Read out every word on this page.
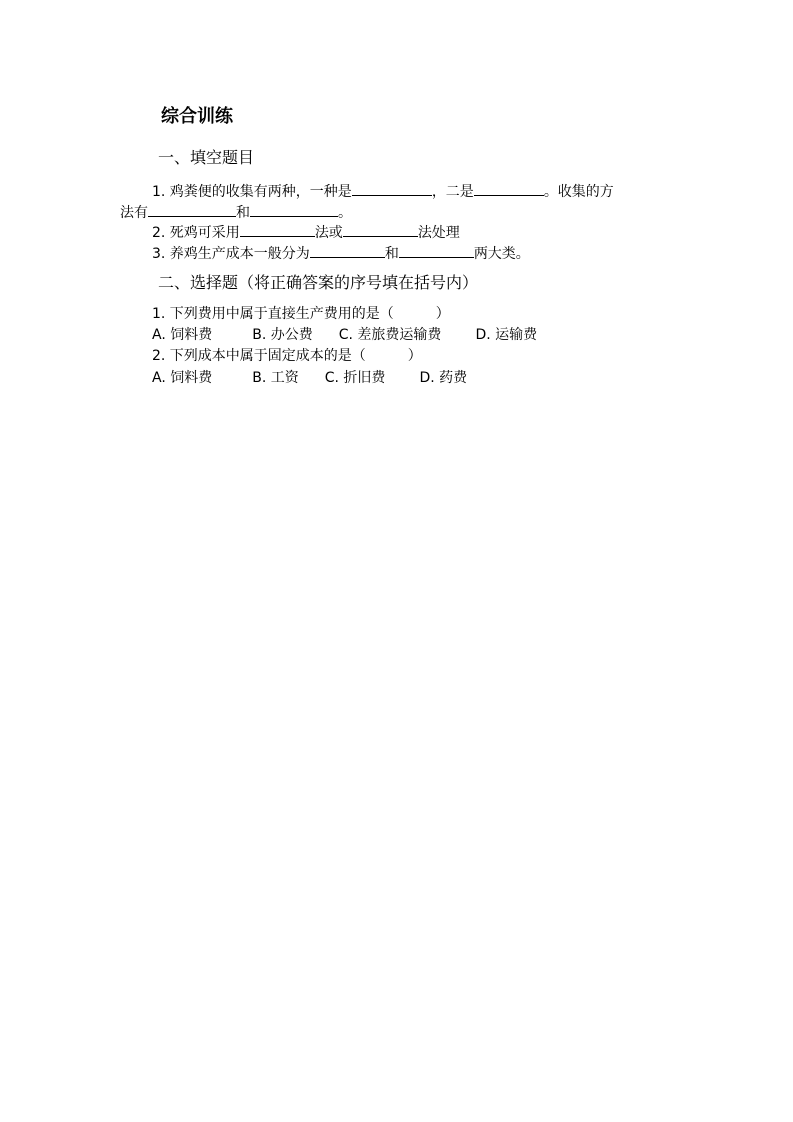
综合训练
一、填空题目
1. 鸡粪便的收集有两种，一种是	，二是	。收集的方
法有	和	。
2. 死鸡可采用	法或	法处理
3. 养鸡生产成本一般分为	和	两大类。
二、选择题（将正确答案的序号填在括号内）
1. 下列费用中属于直接生产费用的是（　　　）
A. 饲料费	B. 办公费 C. 差旅费运输费 D. 运输费
2. 下列成本中属于固定成本的是（　　　）
A. 饲料费	B. 工资 C. 折旧费 D. 药费
